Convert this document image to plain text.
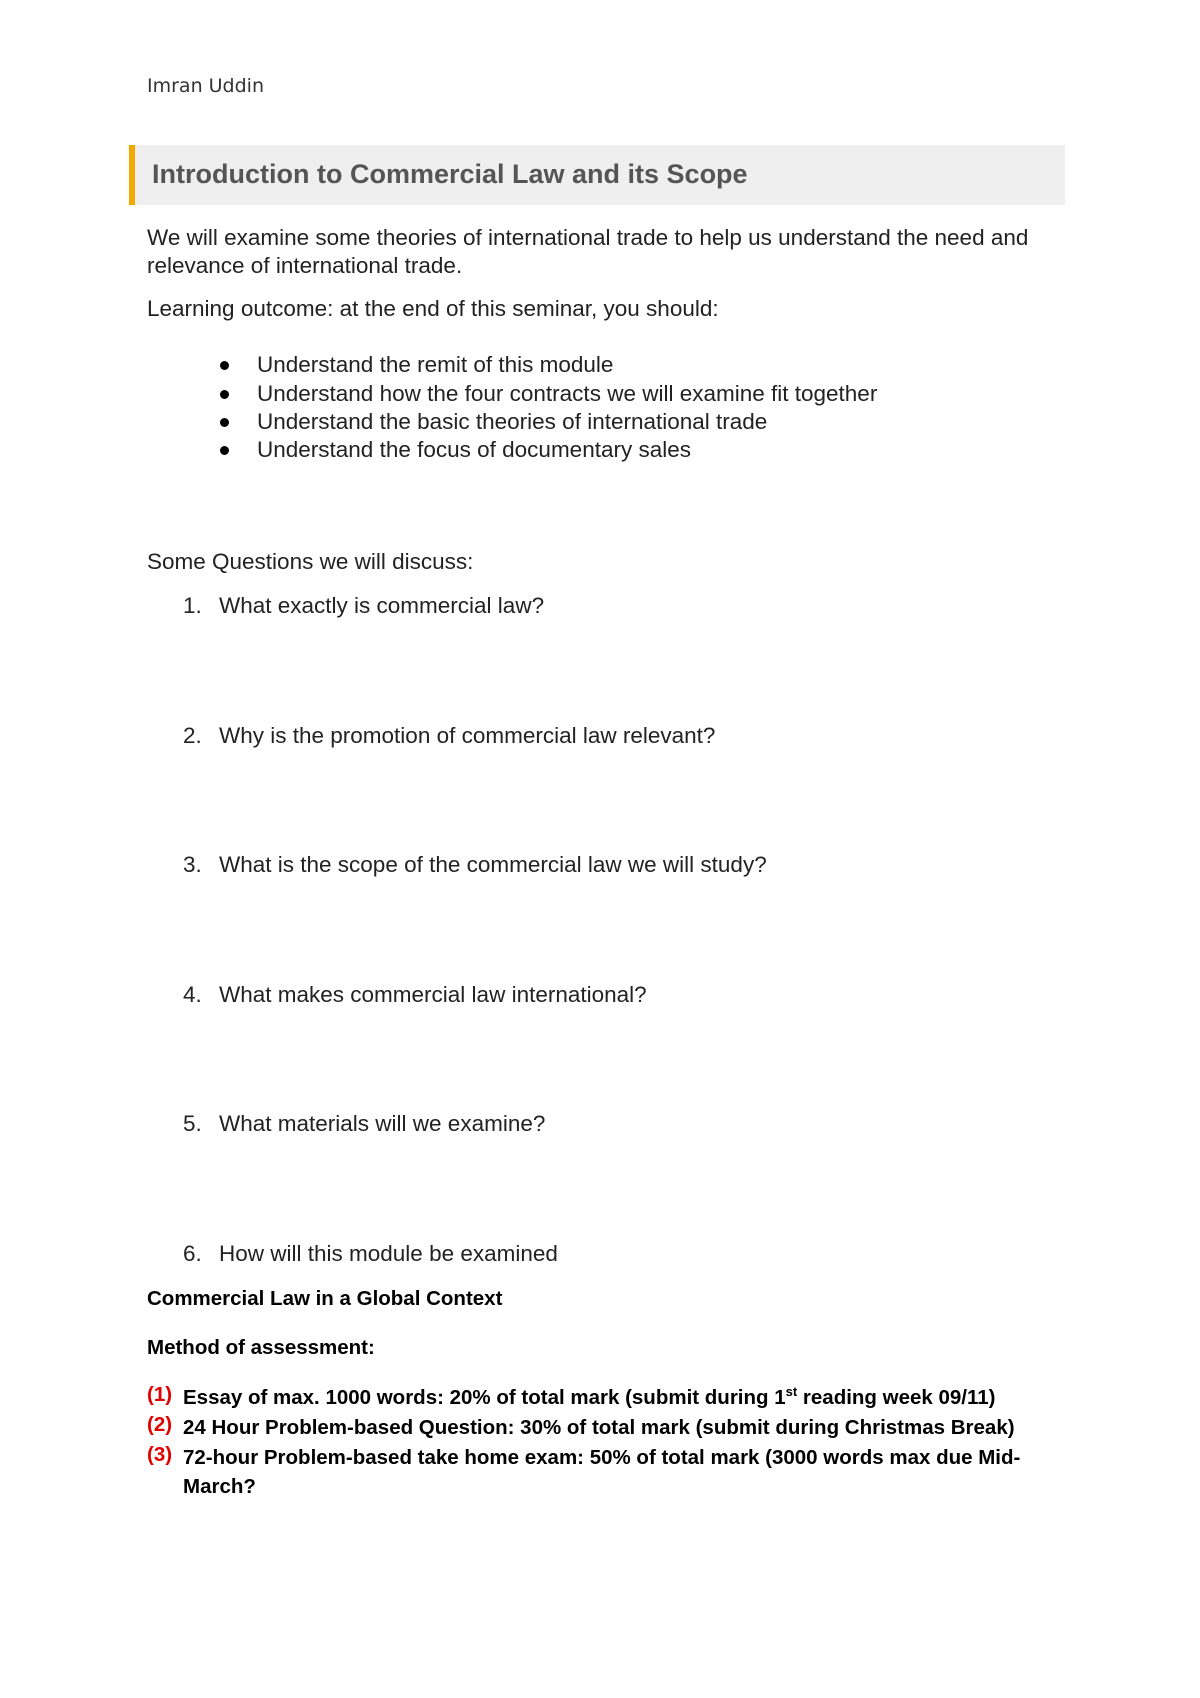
Imran Uddin
Introduction to Commercial Law and its Scope
We will examine some theories of international trade to help us understand the need and relevance of international trade.
Learning outcome: at the end of this seminar, you should:
Understand the remit of this module
Understand how the four contracts we will examine fit together
Understand the basic theories of international trade
Understand the focus of documentary sales
Some Questions we will discuss:
1. What exactly is commercial law?
2. Why is the promotion of commercial law relevant?
3. What is the scope of the commercial law we will study?
4. What makes commercial law international?
5. What materials will we examine?
6. How will this module be examined
Commercial Law in a Global Context
Method of assessment:
(1) Essay of max. 1000 words: 20% of total mark (submit during 1st reading week 09/11)
(2) 24 Hour Problem-based Question: 30% of total mark (submit during Christmas Break)
(3) 72-hour Problem-based take home exam: 50% of total mark (3000 words max due Mid-March?
